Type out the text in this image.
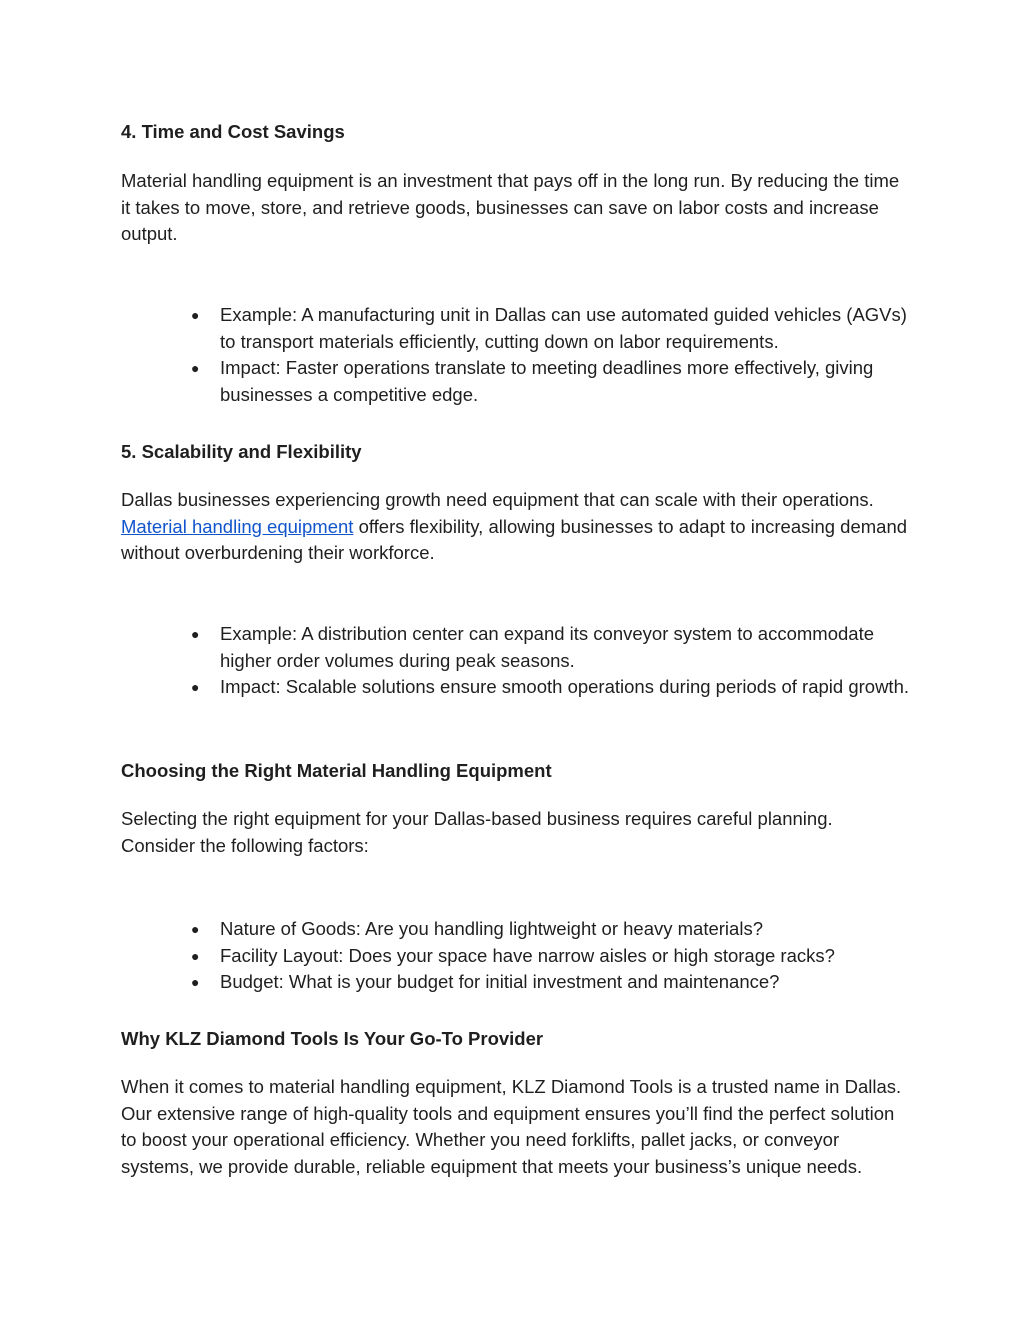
4. Time and Cost Savings

Material handling equipment is an investment that pays off in the long run. By reducing the time it takes to move, store, and retrieve goods, businesses can save on labor costs and increase output.

● Example: A manufacturing unit in Dallas can use automated guided vehicles (AGVs) to transport materials efficiently, cutting down on labor requirements.
● Impact: Faster operations translate to meeting deadlines more effectively, giving businesses a competitive edge.
5. Scalability and Flexibility

Dallas businesses experiencing growth need equipment that can scale with their operations. Material handling equipment offers flexibility, allowing businesses to adapt to increasing demand without overburdening their workforce.

● Example: A distribution center can expand its conveyor system to accommodate higher order volumes during peak seasons.
● Impact: Scalable solutions ensure smooth operations during periods of rapid growth.
Choosing the Right Material Handling Equipment

Selecting the right equipment for your Dallas-based business requires careful planning. Consider the following factors:

● Nature of Goods: Are you handling lightweight or heavy materials?
● Facility Layout: Does your space have narrow aisles or high storage racks?
● Budget: What is your budget for initial investment and maintenance?
Why KLZ Diamond Tools Is Your Go-To Provider

When it comes to material handling equipment, KLZ Diamond Tools is a trusted name in Dallas. Our extensive range of high-quality tools and equipment ensures you’ll find the perfect solution to boost your operational efficiency. Whether you need forklifts, pallet jacks, or conveyor systems, we provide durable, reliable equipment that meets your business’s unique needs.
